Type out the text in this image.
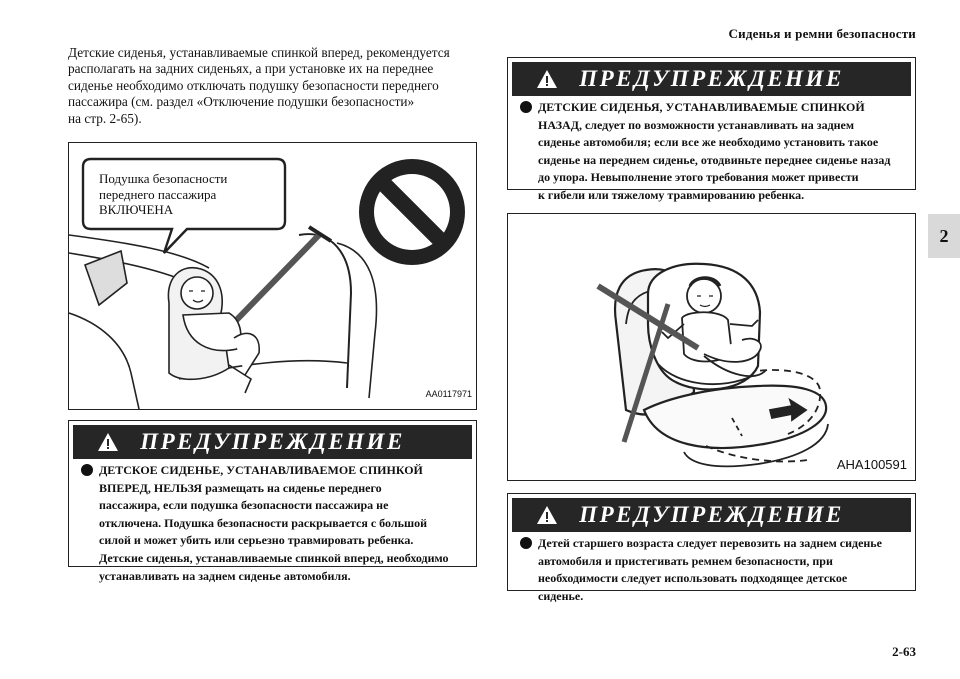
Сиденья и ремни безопасности
2
2-63

Детские сиденья, устанавливаемые спинкой вперед, рекомендуется

располагать на задних сиденьях, а при установке их на переднее

сиденье необходимо отключать подушку безопасности переднего

пассажира (см. раздел «Отключение подушки безопасности»

на стр. 2-65).

Подушка безопасности
переднего пассажира
ВКЛЮЧЕНА
AA0117971
AHA100591
ПРЕДУПРЕЖДЕНИЕ
ДЕТСКИЕ СИДЕНЬЯ, УСТАНАВЛИВАЕМЫЕ СПИНКОЙ
НАЗАД, следует по возможности устанавливать на заднем
сиденье автомобиля; если все же необходимо установить такое
сиденье на переднем сиденье, отодвиньте переднее сиденье назад
до упора. Невыполнение этого требования может привести
к гибели или тяжелому травмированию ребенка.
ПРЕДУПРЕЖДЕНИЕ
ДЕТСКОЕ СИДЕНЬЕ, УСТАНАВЛИВАЕМОЕ СПИНКОЙ
ВПЕРЕД, НЕЛЬЗЯ размещать на сиденье переднего
пассажира, если подушка безопасности пассажира не
отключена. Подушка безопасности раскрывается с большой
силой и может убить или серьезно травмировать ребенка.
Детские сиденья, устанавливаемые спинкой вперед, необходимо
устанавливать на заднем сиденье автомобиля.
ПРЕДУПРЕЖДЕНИЕ
Детей старшего возраста следует перевозить на заднем сиденье
автомобиля и пристегивать ремнем безопасности, при
необходимости следует использовать подходящее детское
сиденье.
